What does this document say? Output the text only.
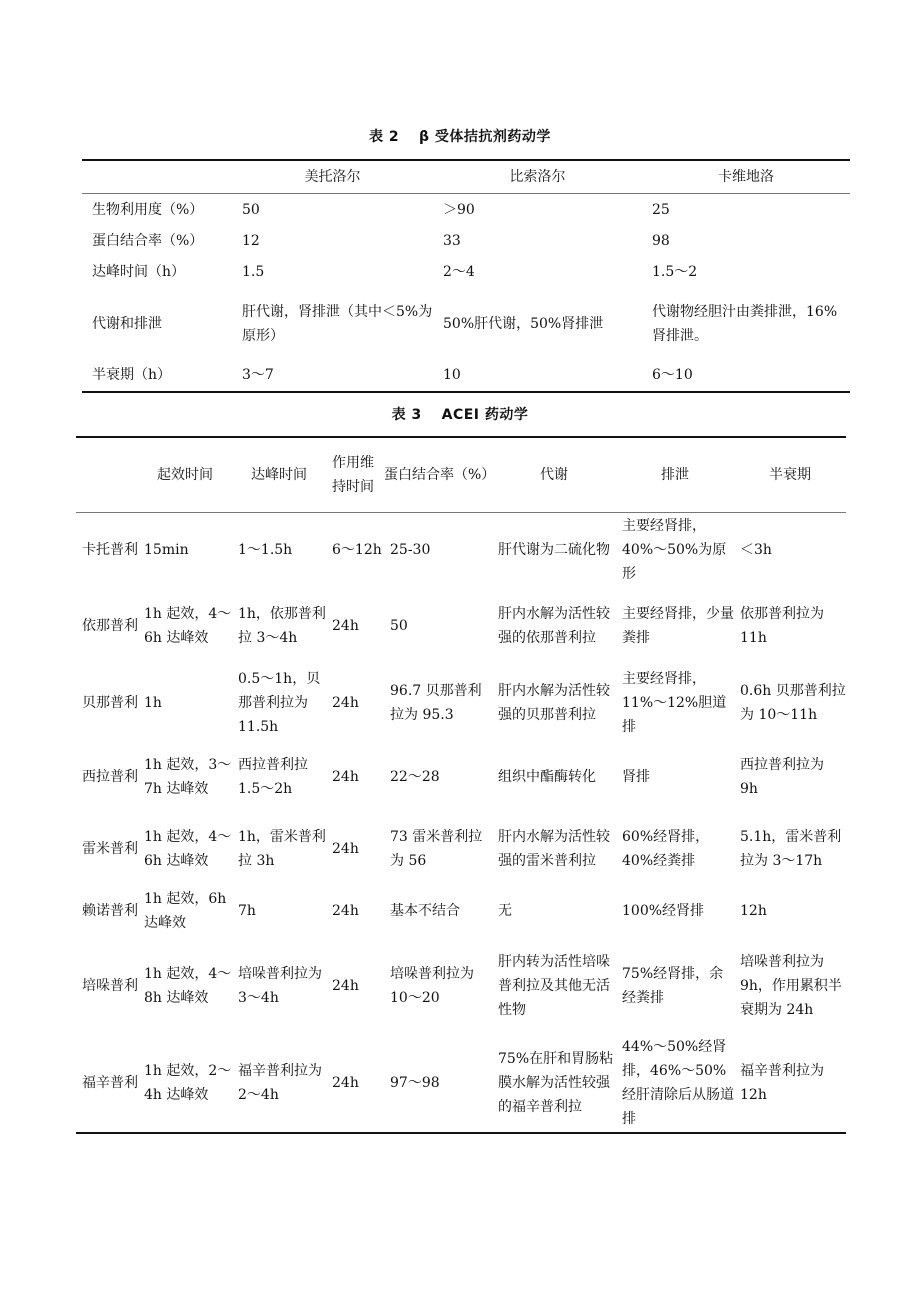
表 2　 β 受体拮抗剂药动学
	美托洛尔	比索洛尔	卡维地洛
生物利用度（%）	50	＞90	25
蛋白结合率（%）	12	33	98
达峰时间（h）	1.5	2～4	1.5～2
代谢和排泄	肝代谢，肾排泄（其中＜5%为原形）	50%肝代谢，50%肾排泄	代谢物经胆汁由粪排泄，16%肾排泄。
半衰期（h）	3～7	10	6～10
表 3　 ACEI 药动学
	起效时间	达峰时间	作用维持时间	蛋白结合率（%）	代谢	排泄	半衰期
卡托普利	15min	1～1.5h	6～12h	25-30	肝代谢为二硫化物	主要经肾排，40%～50%为原形	＜3h
依那普利	1h 起效，4～6h 达峰效	1h，依那普利拉 3～4h	24h	50	肝内水解为活性较强的依那普利拉	主要经肾排，少量粪排	依那普利拉为 11h
贝那普利	1h	0.5～1h，贝那普利拉为 11.5h	24h	96.7 贝那普利拉为 95.3	肝内水解为活性较强的贝那普利拉	主要经肾排，11%～12%胆道排	0.6h 贝那普利拉为 10～11h
西拉普利	1h 起效，3～7h 达峰效	西拉普利拉 1.5～2h	24h	22～28	组织中酯酶转化	肾排	西拉普利拉为 9h
雷米普利	1h 起效，4～6h 达峰效	1h，雷米普利拉 3h	24h	73 雷米普利拉为 56	肝内水解为活性较强的雷米普利拉	60%经肾排，40%经粪排	5.1h，雷米普利拉为 3～17h
赖诺普利	1h 起效，6h 达峰效	7h	24h	基本不结合	无	100%经肾排	12h
培哚普利	1h 起效，4～8h 达峰效	培哚普利拉为 3～4h	24h	培哚普利拉为 10～20	肝内转为活性培哚普利拉及其他无活性物	75%经肾排，余经粪排	培哚普利拉为 9h，作用累积半衰期为 24h
福辛普利	1h 起效，2～4h 达峰效	福辛普利拉为 2～4h	24h	97～98	75%在肝和胃肠粘膜水解为活性较强的福辛普利拉	44%～50%经肾排，46%～50%经肝清除后从肠道排	福辛普利拉为 12h
